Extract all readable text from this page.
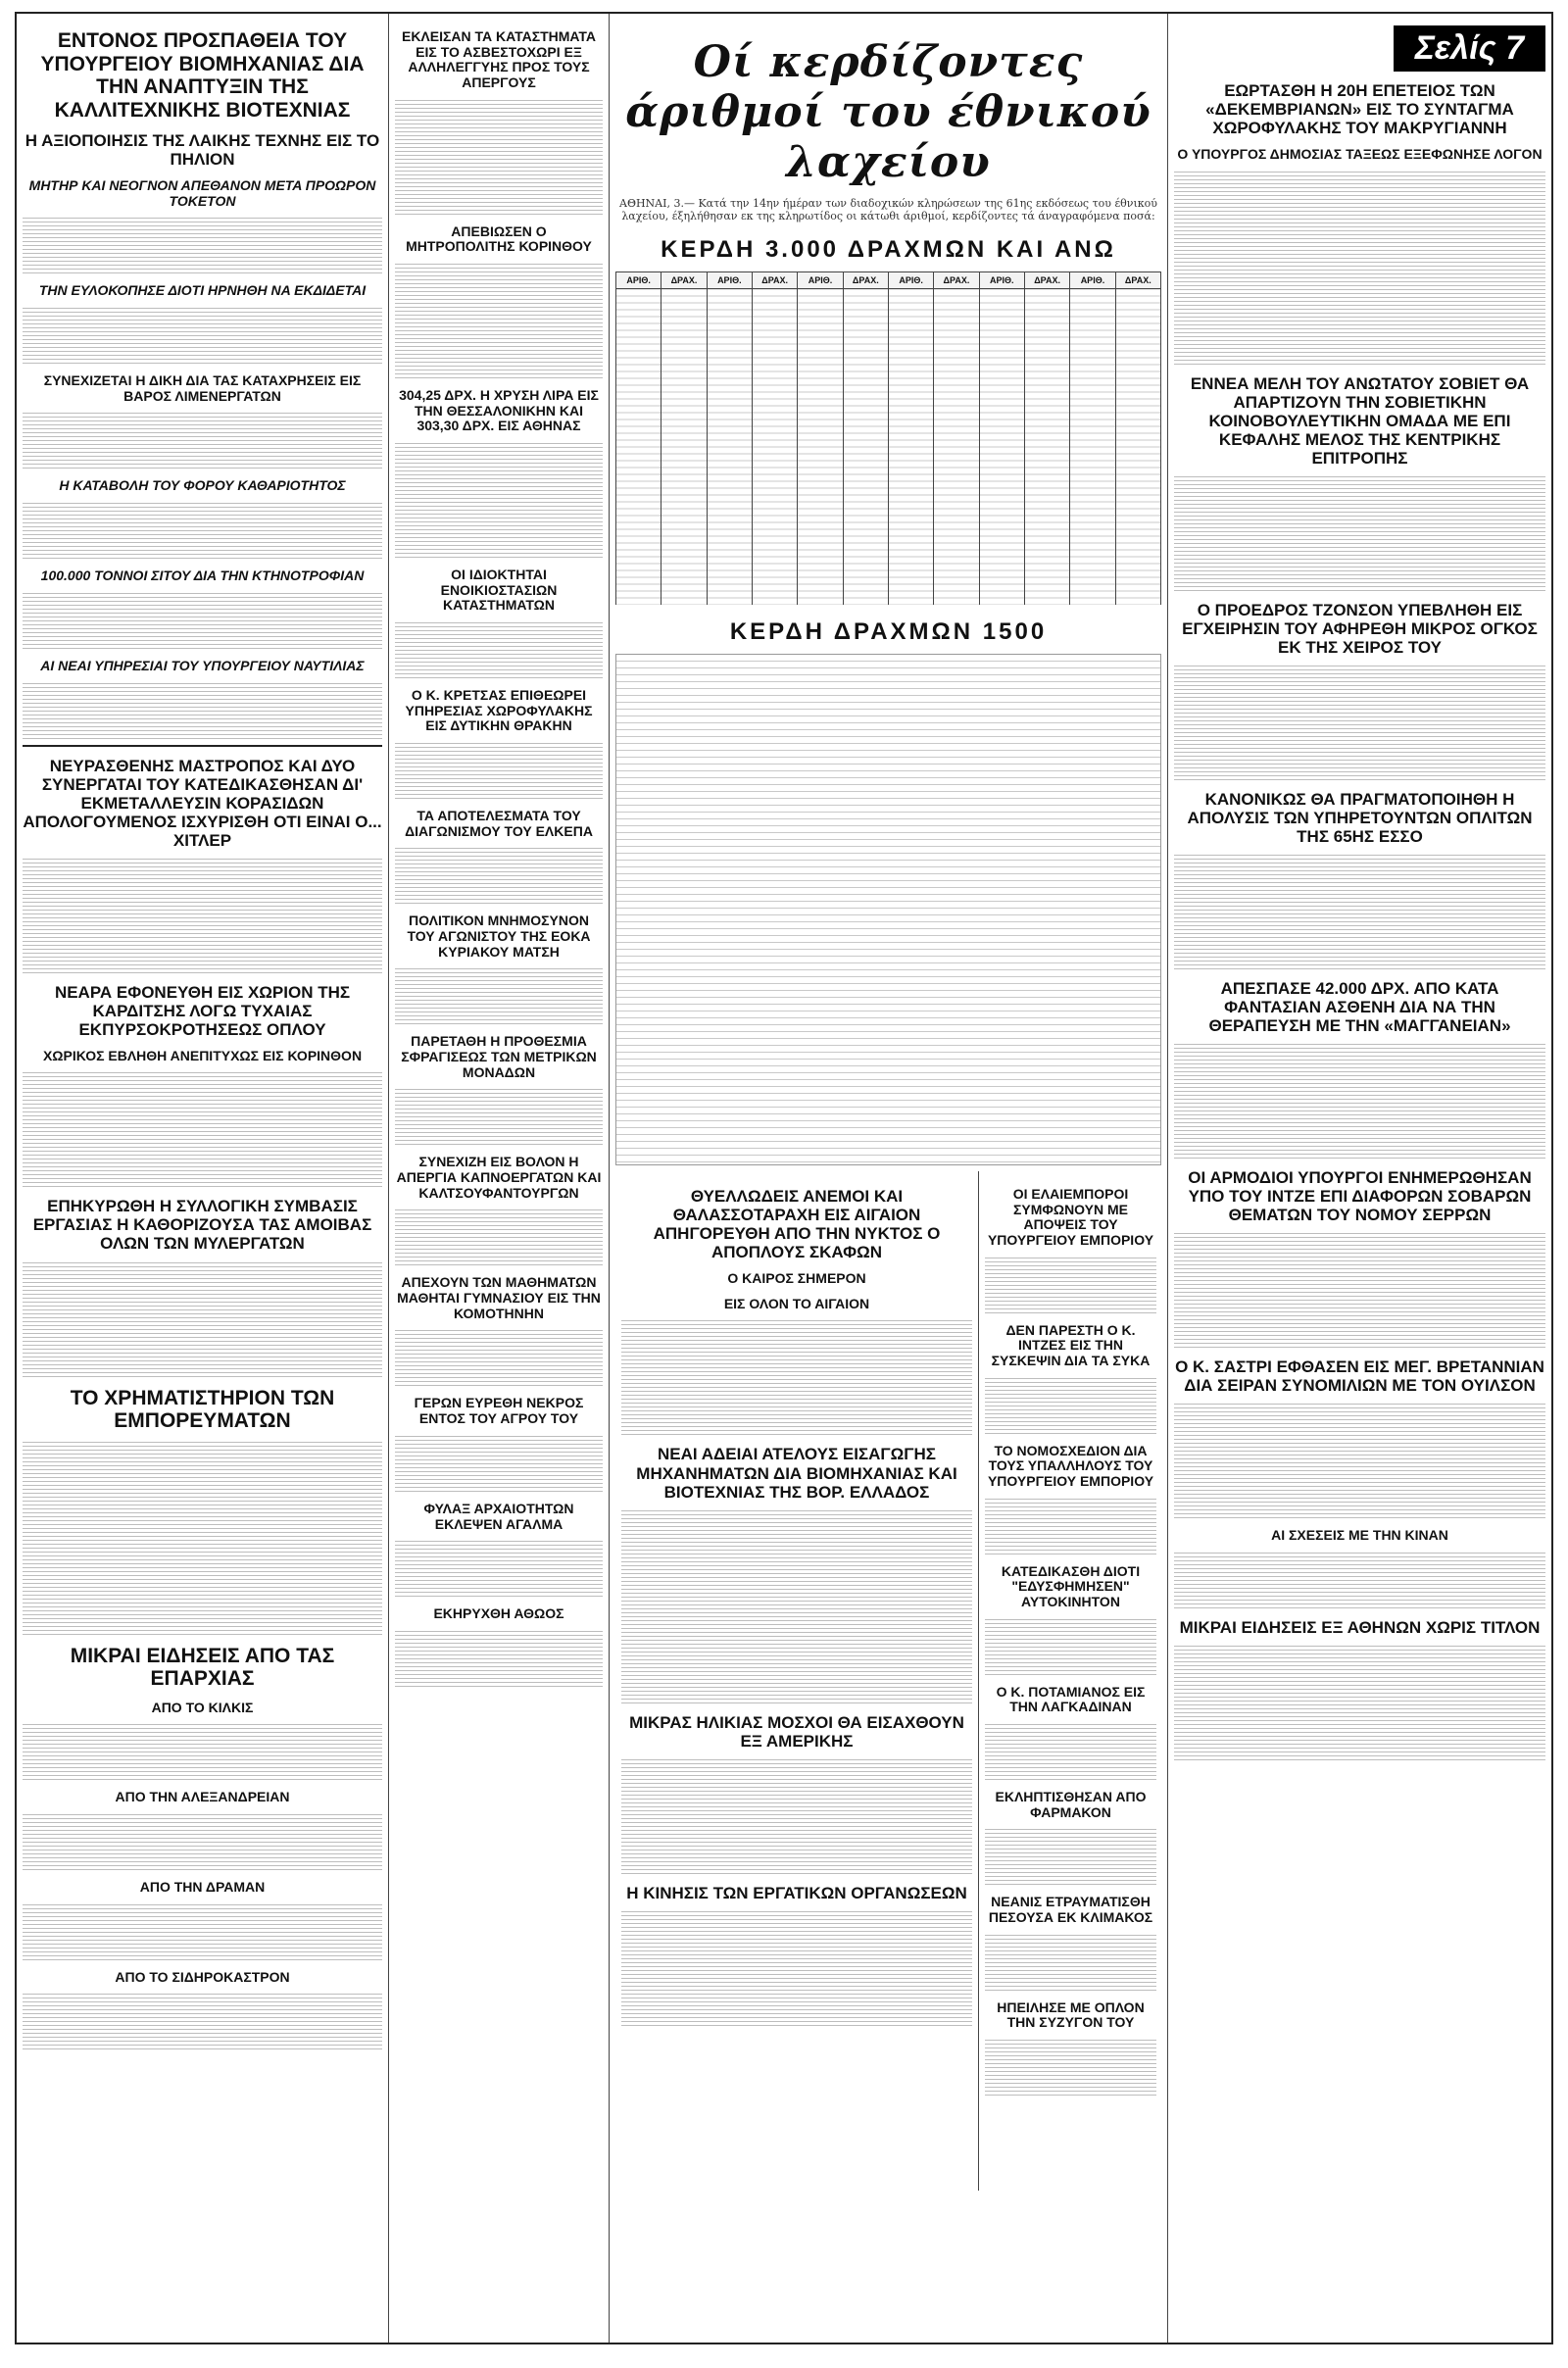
ΕΝΤΟΝΟΣ ΠΡΟΣΠΑΘΕΙΑ ΤΟΥ ΥΠΟΥΡΓΕΙΟΥ ΒΙΟΜΗΧΑΝΙΑΣ ΔΙΑ ΤΗΝ ΑΝΑΠΤΥΞΙΝ ΤΗΣ ΚΑΛΛΙΤΕΧΝΙΚΗΣ ΒΙΟΤΕΧΝΙΑΣ
Η ΑΞΙΟΠΟΙΗΣΙΣ ΤΗΣ ΛΑΙΚΗΣ ΤΕΧΝΗΣ ΕΙΣ ΤΟ ΠΗΛΙΟΝ
ΜΗΤΗΡ ΚΑΙ ΝΕΟΓΝΟΝ ΑΠΕΘΑΝΟΝ ΜΕΤΑ ΠΡΟΩΡΟΝ ΤΟΚΕΤΟΝ
ΤΗΝ ΕΥΛΟΚΟΠΗΣΕ ΔΙΟΤΙ ΗΡΝΗΘΗ ΝΑ ΕΚΔΙΔΕΤΑΙ
ΣΥΝΕΧΙΖΕΤΑΙ Η ΔΙΚΗ ΔΙΑ ΤΑΣ ΚΑΤΑΧΡΗΣΕΙΣ ΕΙΣ ΒΑΡΟΣ ΛΙΜΕΝΕΡΓΑΤΩΝ
Η ΚΑΤΑΒΟΛΗ ΤΟΥ ΦΟΡΟΥ ΚΑΘΑΡΙΟΤΗΤΟΣ
100.000 ΤΟΝΝΟΙ ΣΙΤΟΥ ΔΙΑ ΤΗΝ ΚΤΗΝΟΤΡΟΦΙΑΝ
ΑΙ ΝΕΑΙ ΥΠΗΡΕΣΙΑΙ ΤΟΥ ΥΠΟΥΡΓΕΙΟΥ ΝΑΥΤΙΛΙΑΣ
ΝΕΥΡΑΣΘΕΝΗΣ ΜΑΣΤΡΟΠΟΣ ΚΑΙ ΔΥΟ ΣΥΝΕΡΓΑΤΑΙ ΤΟΥ ΚΑΤΕΔΙΚΑΣΘΗΣΑΝ ΔΙ' ΕΚΜΕΤΑΛΛΕΥΣΙΝ ΚΟΡΑΣΙΔΩΝ ΑΠΟΛΟΓΟΥΜΕΝΟΣ ΙΣΧΥΡΙΣΘΗ ΟΤΙ ΕΙΝΑΙ Ο... ΧΙΤΛΕΡ
ΝΕΑΡΑ ΕΦΟΝΕΥΘΗ ΕΙΣ ΧΩΡΙΟΝ ΤΗΣ ΚΑΡΔΙΤΣΗΣ ΛΟΓΩ ΤΥΧΑΙΑΣ ΕΚΠΥΡΣΟΚΡΟΤΗΣΕΩΣ ΟΠΛΟΥ
ΧΩΡΙΚΟΣ ΕΒΛΗΘΗ ΑΝΕΠΙΤΥΧΩΣ ΕΙΣ ΚΟΡΙΝΘΟΝ
ΕΠΗΚΥΡΩΘΗ Η ΣΥΛΛΟΓΙΚΗ ΣΥΜΒΑΣΙΣ ΕΡΓΑΣΙΑΣ Η ΚΑΘΟΡΙΖΟΥΣΑ ΤΑΣ ΑΜΟΙΒΑΣ ΟΛΩΝ ΤΩΝ ΜΥΛΕΡΓΑΤΩΝ
ΤΟ ΧΡΗΜΑΤΙΣΤΗΡΙΟΝ ΤΩΝ ΕΜΠΟΡΕΥΜΑΤΩΝ
ΜΙΚΡΑΙ ΕΙΔΗΣΕΙΣ ΑΠΟ ΤΑΣ ΕΠΑΡΧΙΑΣ
ΑΠΟ ΤΟ ΚΙΛΚΙΣ
ΑΠΟ ΤΗΝ ΑΛΕΞΑΝΔΡΕΙΑΝ
ΑΠΟ ΤΗΝ ΔΡΑΜΑΝ
ΑΠΟ ΤΟ ΣΙΔΗΡΟΚΑΣΤΡΟΝ
ΕΚΛΕΙΣΑΝ ΤΑ ΚΑΤΑΣΤΗΜΑΤΑ ΕΙΣ ΤΟ ΑΣΒΕΣΤΟΧΩΡΙ ΕΞ ΑΛΛΗΛΕΓΓΥΗΣ ΠΡΟΣ ΤΟΥΣ ΑΠΕΡΓΟΥΣ
ΑΠΕΒΙΩΣΕΝ Ο ΜΗΤΡΟΠΟΛΙΤΗΣ ΚΟΡΙΝΘΟΥ
304,25 ΔΡΧ. Η ΧΡΥΣΗ ΛΙΡΑ ΕΙΣ ΤΗΝ ΘΕΣΣΑΛΟΝΙΚΗΝ ΚΑΙ 303,30 ΔΡΧ. ΕΙΣ ΑΘΗΝΑΣ
ΟΙ ΙΔΙΟΚΤΗΤΑΙ ΕΝΟΙΚΙΟΣΤΑΣΙΩΝ ΚΑΤΑΣΤΗΜΑΤΩΝ
Ο Κ. ΚΡΕΤΣΑΣ ΕΠΙΘΕΩΡΕΙ ΥΠΗΡΕΣΙΑΣ ΧΩΡΟΦΥΛΑΚΗΣ ΕΙΣ ΔΥΤΙΚΗΝ ΘΡΑΚΗΝ
ΤΑ ΑΠΟΤΕΛΕΣΜΑΤΑ ΤΟΥ ΔΙΑΓΩΝΙΣΜΟΥ ΤΟΥ ΕΛΚΕΠΑ
ΠΟΛΙΤΙΚΟΝ ΜΝΗΜΟΣΥΝΟΝ ΤΟΥ ΑΓΩΝΙΣΤΟΥ ΤΗΣ ΕΟΚΑ ΚΥΡΙΑΚΟΥ ΜΑΤΣΗ
ΠΑΡΕΤΑΘΗ Η ΠΡΟΘΕΣΜΙΑ ΣΦΡΑΓΙΣΕΩΣ ΤΩΝ ΜΕΤΡΙΚΩΝ ΜΟΝΑΔΩΝ
ΣΥΝΕΧΙΖΗ ΕΙΣ ΒΟΛΟΝ Η ΑΠΕΡΓΙΑ ΚΑΠΝΟΕΡΓΑΤΩΝ ΚΑΙ ΚΑΛΤΣΟΥΦΑΝΤΟΥΡΓΩΝ
ΑΠΕΧΟΥΝ ΤΩΝ ΜΑΘΗΜΑΤΩΝ ΜΑΘΗΤΑΙ ΓΥΜΝΑΣΙΟΥ ΕΙΣ ΤΗΝ ΚΟΜΟΤΗΝΗΝ
ΓΕΡΩΝ ΕΥΡΕΘΗ ΝΕΚΡΟΣ ΕΝΤΟΣ ΤΟΥ ΑΓΡΟΥ ΤΟΥ
ΦΥΛΑΞ ΑΡΧΑΙΟΤΗΤΩΝ ΕΚΛΕΨΕΝ ΑΓΑΛΜΑ
ΕΚΗΡΥΧΘΗ ΑΘΩΟΣ
Οί κερδίζοντες άριθμοί του έθνικού λαχείου
ΑΘΗΝΑΙ, 3.— Κατά την 14ην ήμέραν των διαδοχικών κληρώσεων της 61ης εκδόσεως του έθνικού λαχείου, έξηλήθησαν εκ της κληρωτίδος οι κάτωθι άριθμοί, κερδίζοντες τά άναγραφόμενα ποσά:
ΚΕΡΔΗ 3.000 ΔΡΑΧΜΩΝ ΚΑΙ ΑΝΩ
ΑΡΙΘ.	ΔΡΑΧ.	ΑΡΙΘ.	ΔΡΑΧ.	ΑΡΙΘ.	ΔΡΑΧ.	ΑΡΙΘ.	ΔΡΑΧ.	ΑΡΙΘ.	ΔΡΑΧ.	ΑΡΙΘ.	ΔΡΑΧ.

ΚΕΡΔΗ ΔΡΑΧΜΩΝ 1500
ΘΥΕΛΛΩΔΕΙΣ ΑΝΕΜΟΙ ΚΑΙ ΘΑΛΑΣΣΟΤΑΡΑΧΗ ΕΙΣ ΑΙΓΑΙΟΝ ΑΠΗΓΟΡΕΥΘΗ ΑΠΟ ΤΗΝ ΝΥΚΤΟΣ Ο ΑΠΟΠΛΟΥΣ ΣΚΑΦΩΝ
Ο ΚΑΙΡΟΣ ΣΗΜΕΡΟΝ
ΕΙΣ ΟΛΟΝ ΤΟ ΑΙΓΑΙΟΝ
ΝΕΑΙ ΑΔΕΙΑΙ ΑΤΕΛΟΥΣ ΕΙΣΑΓΩΓΗΣ ΜΗΧΑΝΗΜΑΤΩΝ ΔΙΑ ΒΙΟΜΗΧΑΝΙΑΣ ΚΑΙ ΒΙΟΤΕΧΝΙΑΣ ΤΗΣ ΒΟΡ. ΕΛΛΑΔΟΣ
ΜΙΚΡΑΣ ΗΛΙΚΙΑΣ ΜΟΣΧΟΙ ΘΑ ΕΙΣΑΧΘΟΥΝ ΕΞ ΑΜΕΡΙΚΗΣ
Η ΚΙΝΗΣΙΣ ΤΩΝ ΕΡΓΑΤΙΚΩΝ ΟΡΓΑΝΩΣΕΩΝ
ΟΙ ΕΛΑΙΕΜΠΟΡΟΙ ΣΥΜΦΩΝΟΥΝ ΜΕ ΑΠΟΨΕΙΣ ΤΟΥ ΥΠΟΥΡΓΕΙΟΥ ΕΜΠΟΡΙΟΥ
ΔΕΝ ΠΑΡΕΣΤΗ Ο Κ. ΙΝΤΖΕΣ ΕΙΣ ΤΗΝ ΣΥΣΚΕΨΙΝ ΔΙΑ ΤΑ ΣΥΚΑ
ΤΟ ΝΟΜΟΣΧΕΔΙΟΝ ΔΙΑ ΤΟΥΣ ΥΠΑΛΛΗΛΟΥΣ ΤΟΥ ΥΠΟΥΡΓΕΙΟΥ ΕΜΠΟΡΙΟΥ
ΚΑΤΕΔΙΚΑΣΘΗ ΔΙΟΤΙ "ΕΔΥΣΦΗΜΗΣΕΝ" ΑΥΤΟΚΙΝΗΤΟΝ
Ο Κ. ΠΟΤΑΜΙΑΝΟΣ ΕΙΣ ΤΗΝ ΛΑΓΚΑΔΙΝΑΝ
ΕΚΛΗΠΤΙΣΘΗΣΑΝ ΑΠΟ ΦΑΡΜΑΚΟΝ
ΝΕΑΝΙΣ ΕΤΡΑΥΜΑΤΙΣΘΗ ΠΕΣΟΥΣΑ ΕΚ ΚΛΙΜΑΚΟΣ
ΗΠΕΙΛΗΣΕ ΜΕ ΟΠΛΟΝ ΤΗΝ ΣΥΖΥΓΟΝ ΤΟΥ
Σελίς 7
ΕΩΡΤΑΣΘΗ Η 20Η ΕΠΕΤΕΙΟΣ ΤΩΝ «ΔΕΚΕΜΒΡΙΑΝΩΝ» ΕΙΣ ΤΟ ΣΥΝΤΑΓΜΑ ΧΩΡΟΦΥΛΑΚΗΣ ΤΟΥ ΜΑΚΡΥΓΙΑΝΝΗ
Ο ΥΠΟΥΡΓΟΣ ΔΗΜΟΣΙΑΣ ΤΑΞΕΩΣ ΕΞΕΦΩΝΗΣΕ ΛΟΓΟΝ
ΕΝΝΕΑ ΜΕΛΗ ΤΟΥ ΑΝΩΤΑΤΟΥ ΣΟΒΙΕΤ ΘΑ ΑΠΑΡΤΙΖΟΥΝ ΤΗΝ ΣΟΒΙΕΤΙΚΗΝ ΚΟΙΝΟΒΟΥΛΕΥΤΙΚΗΝ ΟΜΑΔΑ ΜΕ ΕΠΙ ΚΕΦΑΛΗΣ ΜΕΛΟΣ ΤΗΣ ΚΕΝΤΡΙΚΗΣ ΕΠΙΤΡΟΠΗΣ
Ο ΠΡΟΕΔΡΟΣ ΤΖΟΝΣΟΝ ΥΠΕΒΛΗΘΗ ΕΙΣ ΕΓΧΕΙΡΗΣΙΝ ΤΟΥ ΑΦΗΡΕΘΗ ΜΙΚΡΟΣ ΟΓΚΟΣ ΕΚ ΤΗΣ ΧΕΙΡΟΣ ΤΟΥ
ΚΑΝΟΝΙΚΩΣ ΘΑ ΠΡΑΓΜΑΤΟΠΟΙΗΘΗ Η ΑΠΟΛΥΣΙΣ ΤΩΝ ΥΠΗΡΕΤΟΥΝΤΩΝ ΟΠΛΙΤΩΝ ΤΗΣ 65ΗΣ ΕΣΣΟ
ΑΠΕΣΠΑΣΕ 42.000 ΔΡΧ. ΑΠΟ ΚΑΤΑ ΦΑΝΤΑΣΙΑΝ ΑΣΘΕΝΗ ΔΙΑ ΝΑ ΤΗΝ ΘΕΡΑΠΕΥΣΗ ΜΕ ΤΗΝ «ΜΑΓΓΑΝΕΙΑΝ»
ΟΙ ΑΡΜΟΔΙΟΙ ΥΠΟΥΡΓΟΙ ΕΝΗΜΕΡΩΘΗΣΑΝ ΥΠΟ ΤΟΥ ΙΝΤΖΕ ΕΠΙ ΔΙΑΦΟΡΩΝ ΣΟΒΑΡΩΝ ΘΕΜΑΤΩΝ ΤΟΥ ΝΟΜΟΥ ΣΕΡΡΩΝ
Ο Κ. ΣΑΣΤΡΙ ΕΦΘΑΣΕΝ ΕΙΣ ΜΕΓ. ΒΡΕΤΑΝΝΙΑΝ ΔΙΑ ΣΕΙΡΑΝ ΣΥΝΟΜΙΛΙΩΝ ΜΕ ΤΟΝ ΟΥΙΛΣΟΝ
ΑΙ ΣΧΕΣΕΙΣ ΜΕ ΤΗΝ ΚΙΝΑΝ
ΜΙΚΡΑΙ ΕΙΔΗΣΕΙΣ ΕΞ ΑΘΗΝΩΝ ΧΩΡΙΣ ΤΙΤΛΟΝ
